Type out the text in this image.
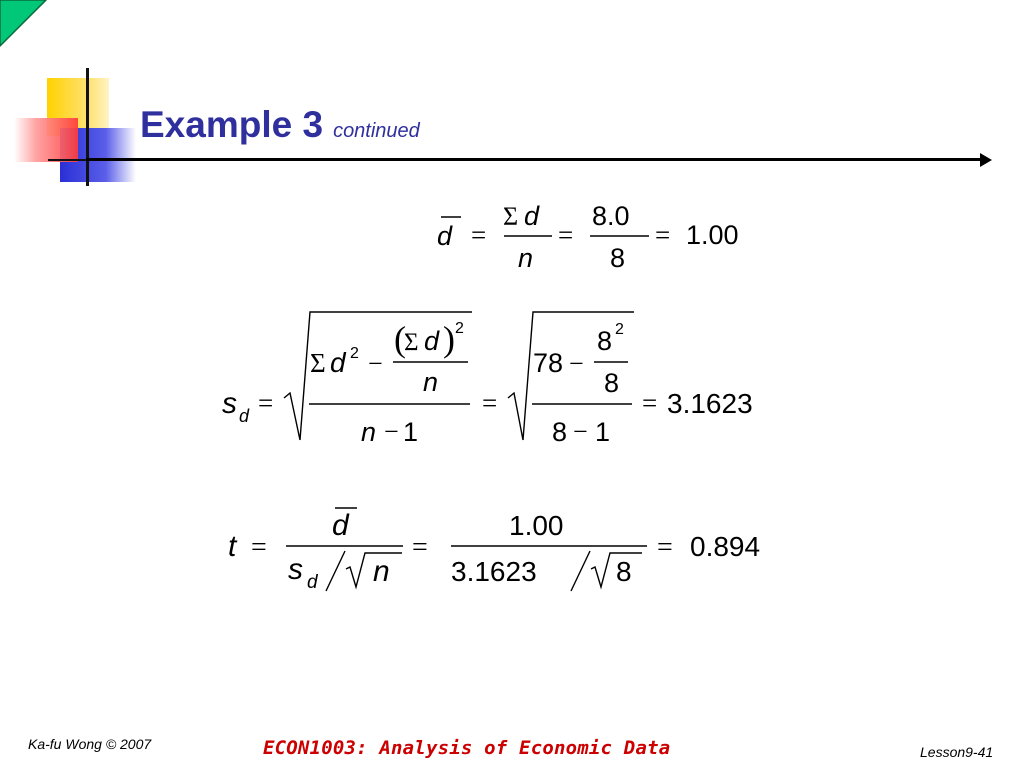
Example 3 continued
d =
Σ d
n
=
8.0
8
= 1.00
s d =
Σ d 2 −
(
Σ d ) 2
n
n − 1
=
78 −
8 2
8
8 − 1
= 3.1623
t =
d
s d n
=
1.00
3.1623	8
= 0.894
Ka-fu Wong © 2007	ECON1003: Analysis of Economic Data	Lesson9-41
